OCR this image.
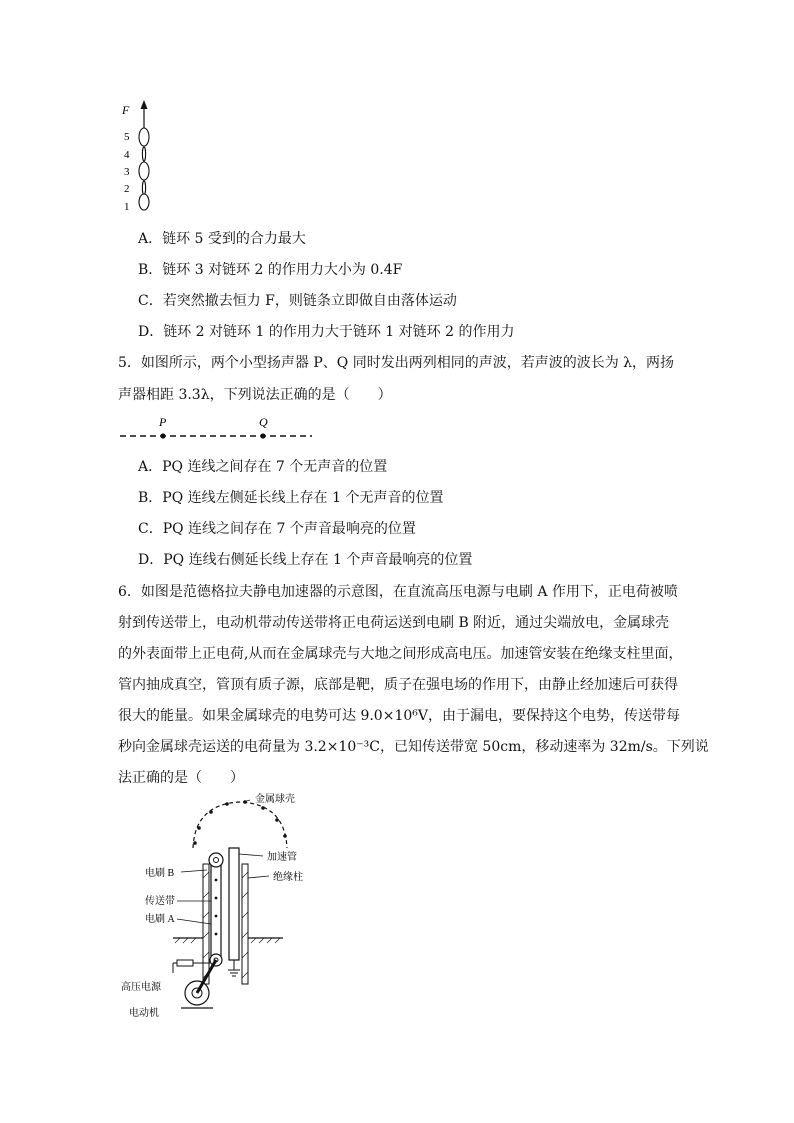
F
5
4
3
2
1
A．链环 5 受到的合力最大
B．链环 3 对链环 2 的作用力大小为 0.4F
C．若突然撤去恒力 F，则链条立即做自由落体运动
D．链环 2 对链环 1 的作用力大于链环 1 对链环 2 的作用力
5．如图所示，两个小型扬声器 P、Q 同时发出两列相同的声波，若声波的波长为 λ，两扬
声器相距 3.3λ，下列说法正确的是（　　）
P	Q
A．PQ 连线之间存在 7 个无声音的位置
B．PQ 连线左侧延长线上存在 1 个无声音的位置
C．PQ 连线之间存在 7 个声音最响亮的位置
D．PQ 连线右侧延长线上存在 1 个声音最响亮的位置
6．如图是范德格拉夫静电加速器的示意图，在直流高压电源与电刷 A 作用下，正电荷被喷
射到传送带上，电动机带动传送带将正电荷运送到电刷 B 附近，通过尖端放电，金属球壳
的外表面带上正电荷,从而在金属球壳与大地之间形成高电压。加速管安装在绝缘支柱里面，
管内抽成真空，管顶有质子源，底部是靶，质子在强电场的作用下，由静止经加速后可获得
很大的能量。如果金属球壳的电势可达 9.0×10⁶V，由于漏电，要保持这个电势，传送带每
秒向金属球壳运送的电荷量为 3.2×10⁻³C，已知传送带宽 50cm，移动速率为 32m/s。下列说
法正确的是（　　）
金属球壳
加速管
绝缘柱
电刷 B
传送带
电刷 A
高压电源
电动机
